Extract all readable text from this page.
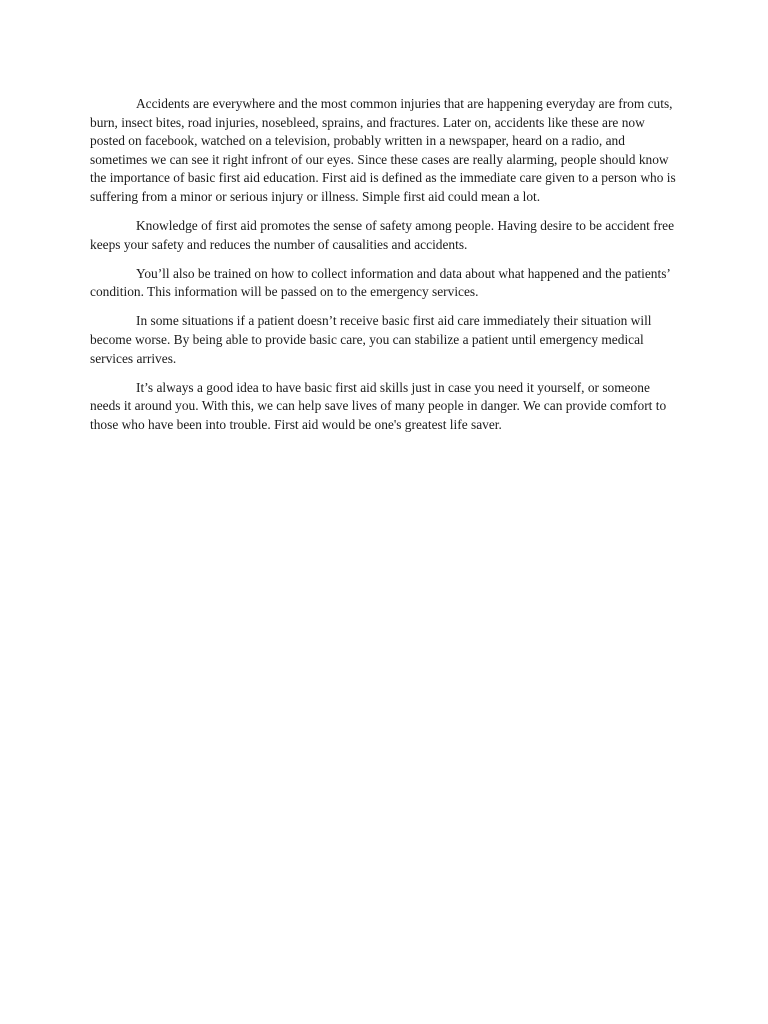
Accidents are everywhere and the most common injuries that are happening everyday are from cuts, burn, insect bites, road injuries, nosebleed, sprains, and fractures. Later on, accidents like these are now posted on facebook, watched on a television, probably written in a newspaper, heard on a radio, and sometimes we can see it right infront of our eyes. Since these cases are really alarming, people should know the importance of basic first aid education. First aid is defined as the immediate care given to a person who is suffering from a minor or serious injury or illness. Simple first aid could mean a lot.

Knowledge of first aid promotes the sense of safety among people. Having desire to be accident free keeps your safety and reduces the number of causalities and accidents.

You’ll also be trained on how to collect information and data about what happened and the patients’ condition. This information will be passed on to the emergency services.

In some situations if a patient doesn’t receive basic first aid care immediately their situation will become worse. By being able to provide basic care, you can stabilize a patient until emergency medical services arrives.

It’s always a good idea to have basic first aid skills just in case you need it yourself, or someone needs it around you. With this, we can help save lives of many people in danger. We can provide comfort to those who have been into trouble. First aid would be one's greatest life saver.
